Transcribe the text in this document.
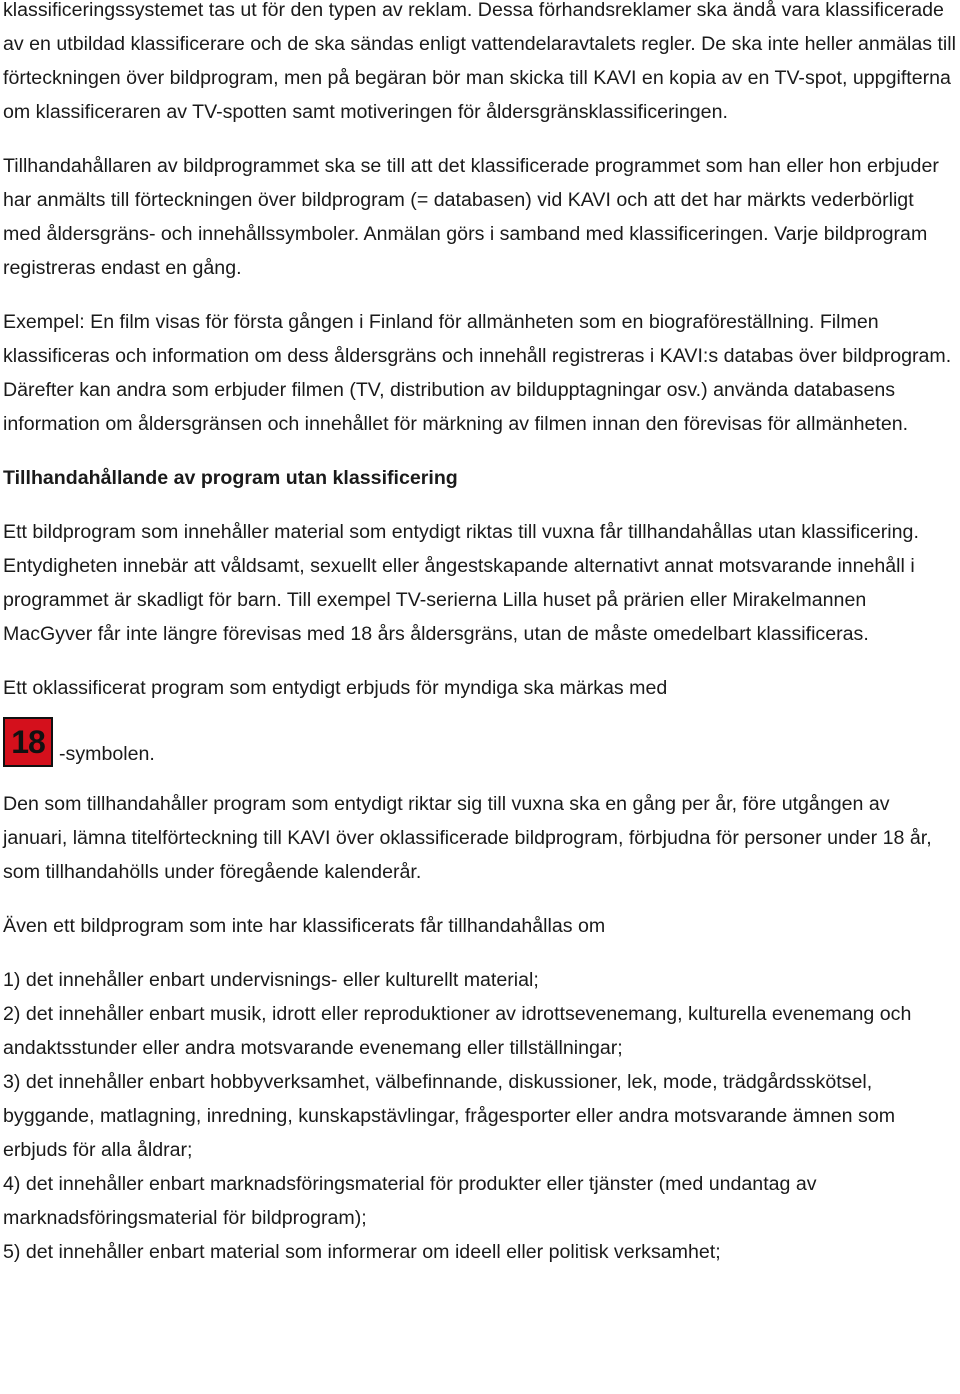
klassificeringssystemet tas ut för den typen av reklam. Dessa förhandsreklamer ska ändå vara klassificerade av en utbildad klassificerare och de ska sändas enligt vattendelaravtalets regler. De ska inte heller anmälas till förteckningen över bildprogram, men på begäran bör man skicka till KAVI en kopia av en TV-spot, uppgifterna om klassificeraren av TV-spotten samt motiveringen för åldersgränsklassificeringen.

Tillhandahållaren av bildprogrammet ska se till att det klassificerade programmet som han eller hon erbjuder har anmälts till förteckningen över bildprogram (= databasen) vid KAVI och att det har märkts vederbörligt med åldersgräns- och innehållssymboler. Anmälan görs i samband med klassificeringen. Varje bildprogram registreras endast en gång.

Exempel: En film visas för första gången i Finland för allmänheten som en biograföreställning. Filmen klassificeras och information om dess åldersgräns och innehåll registreras i KAVI:s databas över bildprogram. Därefter kan andra som erbjuder filmen (TV, distribution av bildupptagningar osv.) använda databasens information om åldersgränsen och innehållet för märkning av filmen innan den förevisas för allmänheten.

Tillhandahållande av program utan klassificering

Ett bildprogram som innehåller material som entydigt riktas till vuxna får tillhandahållas utan klassificering. Entydigheten innebär att våldsamt, sexuellt eller ångestskapande alternativt annat motsvarande innehåll i programmet är skadligt för barn. Till exempel TV-serierna Lilla huset på prärien eller Mirakelmannen MacGyver får inte längre förevisas med 18 års åldersgräns, utan de måste omedelbart klassificeras.

Ett oklassificerat program som entydigt erbjuds för myndiga ska märkas med

18 -symbolen.

Den som tillhandahåller program som entydigt riktar sig till vuxna ska en gång per år, före utgången av januari, lämna titelförteckning till KAVI över oklassificerade bildprogram, förbjudna för personer under 18 år, som tillhandahölls under föregående kalenderår.

Även ett bildprogram som inte har klassificerats får tillhandahållas om

1) det innehåller enbart undervisnings- eller kulturellt material;

2) det innehåller enbart musik, idrott eller reproduktioner av idrottsevenemang, kulturella evenemang och andaktsstunder eller andra motsvarande evenemang eller tillställningar;

3) det innehåller enbart hobbyverksamhet, välbefinnande, diskussioner, lek, mode, trädgårdsskötsel, byggande, matlagning, inredning, kunskapstävlingar, frågesporter eller andra motsvarande ämnen som erbjuds för alla åldrar;

4) det innehåller enbart marknadsföringsmaterial för produkter eller tjänster (med undantag av marknadsföringsmaterial för bildprogram);

5) det innehåller enbart material som informerar om ideell eller politisk verksamhet;
